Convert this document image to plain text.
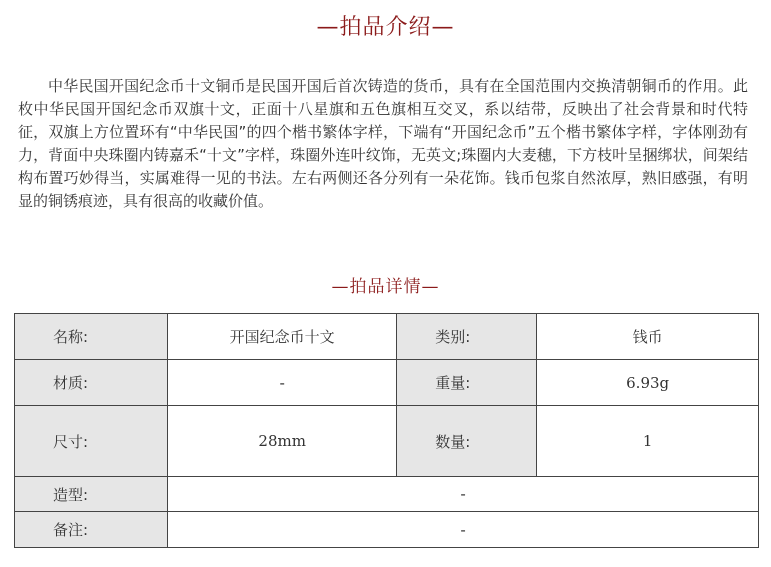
—拍品介绍—

中华民国开国纪念币十文铜币是民国开国后首次铸造的货币，具有在全国范围内交换清朝铜币的作用。此枚中华民国开国纪念币双旗十文，正面十八星旗和五色旗相互交叉，系以结带，反映出了社会背景和时代特征，双旗上方位置环有“中华民国”的四个楷书繁体字样，下端有“开国纪念币”五个楷书繁体字样，字体刚劲有力，背面中央珠圈内铸嘉禾“十文”字样，珠圈外连叶纹饰，无英文;珠圈内大麦穗，下方枝叶呈捆绑状，间架结构布置巧妙得当，实属难得一见的书法。左右两侧还各分列有一朵花饰。钱币包浆自然浓厚，熟旧感强，有明显的铜锈痕迹，具有很高的收藏价值。

—拍品详情—
名称:	开国纪念币十文	类别:	钱币
材质:	-	重量:	6.93g
尺寸:	28mm	数量:	1
造型:	-		
备注:	-		
